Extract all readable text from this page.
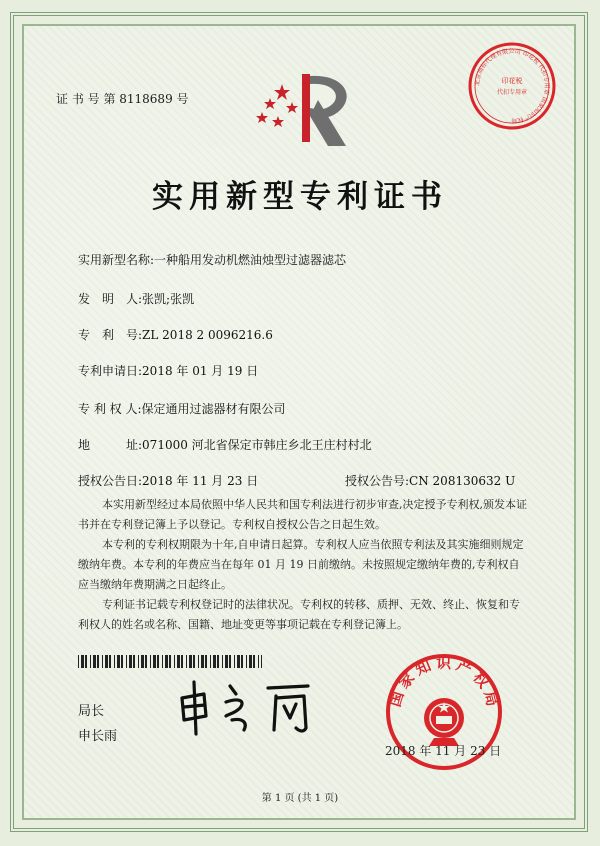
证 书 号 第 8118689 号
北京商标代理有限公司 印花税 代扣专用章 国家知识产权局
印花税
代扣专用章
实用新型专利证书
实用新型名称:一种船用发动机燃油烛型过滤器滤芯
发　明　人:张凯;张凯
专　利　号:ZL 2018 2 0096216.6
专利申请日:2018 年 01 月 19 日
专 利 权 人:保定通用过滤器材有限公司
地　　　址:071000 河北省保定市韩庄乡北王庄村村北
授权公告日:2018 年 11 月 23 日	授权公告号:CN 208130632 U

本实用新型经过本局依照中华人民共和国专利法进行初步审查,决定授予专利权,颁发本证书并在专利登记簿上予以登记。专利权自授权公告之日起生效。

本专利的专利权期限为十年,自申请日起算。专利权人应当依照专利法及其实施细则规定缴纳年费。本专利的年费应当在每年 01 月 19 日前缴纳。未按照规定缴纳年费的,专利权自应当缴纳年费期满之日起终止。

专利证书记载专利权登记时的法律状况。专利权的转移、质押、无效、终止、恢复和专利权人的姓名或名称、国籍、地址变更等事项记载在专利登记簿上。

局长
申长雨
国家知识产权局
2018 年 11 月 23 日
第 1 页 (共 1 页)
